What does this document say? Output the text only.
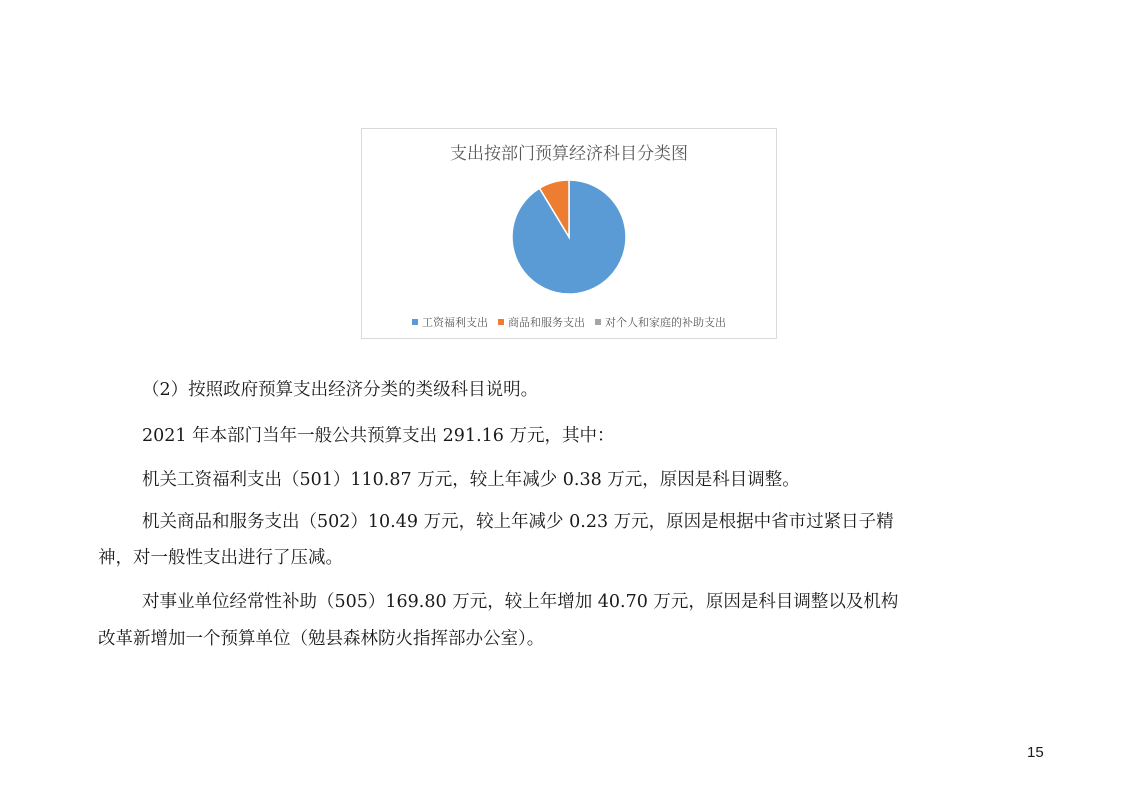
支出按部门预算经济科目分类图
工资福利支出 商品和服务支出 对个人和家庭的补助支出
（2）按照政府预算支出经济分类的类级科目说明。
2021 年本部门当年一般公共预算支出 291.16 万元，其中：
机关工资福利支出（501）110.87 万元，较上年减少 0.38 万元，原因是科目调整。
机关商品和服务支出（502）10.49 万元，较上年减少 0.23 万元，原因是根据中省市过紧日子精
神，对一般性支出进行了压减。
对事业单位经常性补助（505）169.80 万元，较上年增加 40.70 万元，原因是科目调整以及机构
改革新增加一个预算单位（勉县森林防火指挥部办公室）。
15
